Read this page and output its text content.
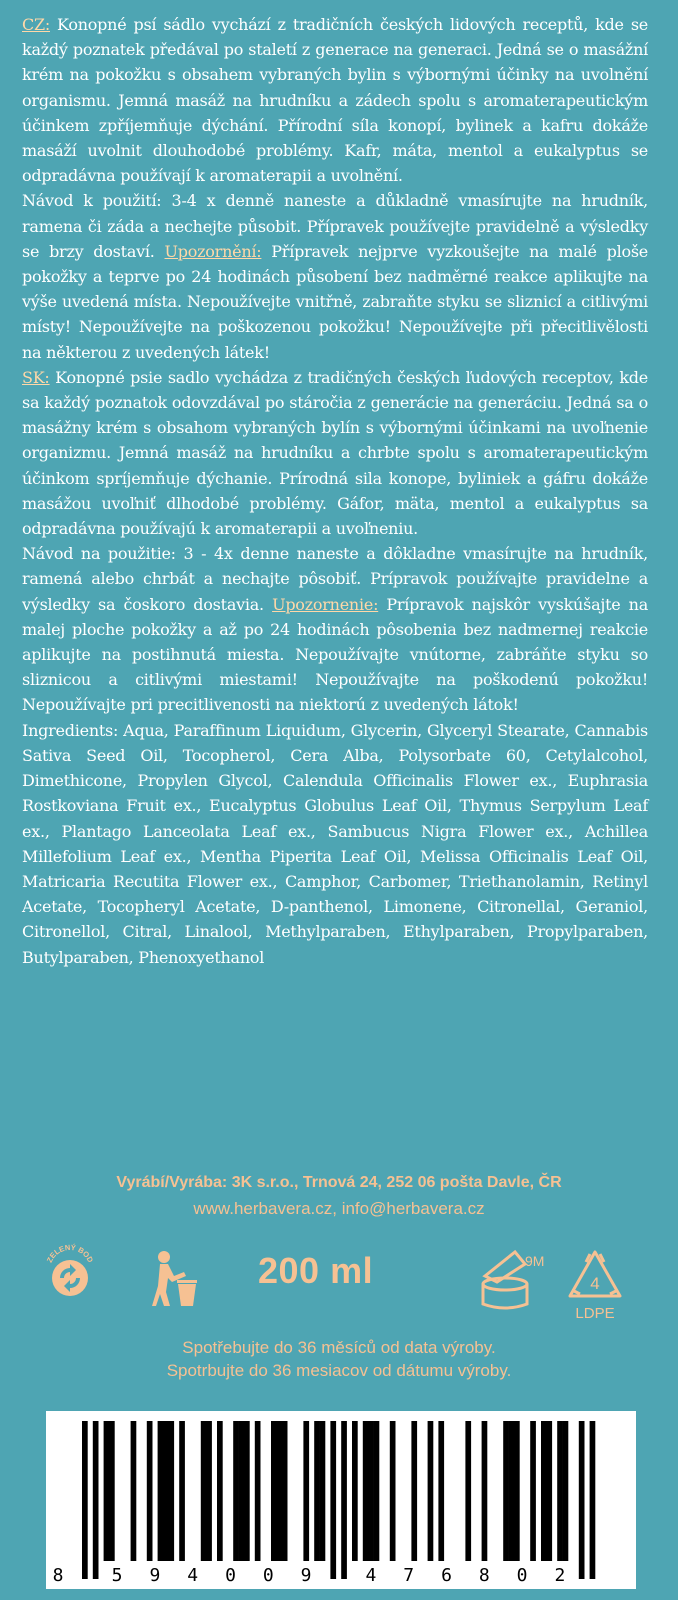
CZ: Konopné psí sádlo vychází z tradičních českých lidových receptů, kde se každý poznatek předával po staletí z generace na generaci. Jedná se o masážní krém na pokožku s obsahem vybraných bylin s výbornými účinky na uvolnění organismu. Jemná masáž na hrudníku a zádech spolu s aromaterapeutickým účinkem zpříjemňuje dýchání. Přírodní síla konopí, bylinek a kafru dokáže masáží uvolnit dlouhodobé problémy. Kafr, máta, mentol a eukalyptus se odpradávna používají k aromaterapii a uvolnění.

Návod k použití: 3-4 x denně naneste a důkladně vmasírujte na hrudník, ramena či záda a nechejte působit. Přípravek používejte pravidelně a výsledky se brzy dostaví. Upozornění: Přípravek nejprve vyzkoušejte na malé ploše pokožky a teprve po 24 hodinách působení bez nadměrné reakce aplikujte na výše uvedená místa. Nepoužívejte vnitřně, zabraňte styku se sliznicí a citlivými místy! Nepoužívejte na poškozenou pokožku! Nepoužívejte při přecitlivělosti na některou z uvedených látek!

SK: Konopné psie sadlo vychádza z tradičných českých ľudových receptov, kde sa každý poznatok odovzdával po stáročia z generácie na generáciu. Jedná sa o masážny krém s obsahom vybraných bylín s výbornými účinkami na uvoľnenie organizmu. Jemná masáž na hrudníku a chrbte spolu s aromaterapeutickým účinkom spríjemňuje dýchanie. Prírodná sila konope, byliniek a gáfru dokáže masážou uvoľniť dlhodobé problémy. Gáfor, mäta, mentol a eukalyptus sa odpradávna používajú k aromaterapii a uvoľneniu.

Návod na použitie: 3 - 4x denne naneste a dôkladne vmasírujte na hrudník, ramená alebo chrbát a nechajte pôsobiť. Prípravok používajte pravidelne a výsledky sa čoskoro dostavia. Upozornenie: Prípravok najskôr vyskúšajte na malej ploche pokožky a až po 24 hodinách pôsobenia bez nadmernej reakcie aplikujte na postihnutá miesta. Nepoužívajte vnútorne, zabráňte styku so sliznicou a citlivými miestami! Nepoužívajte na poškodenú pokožku! Nepoužívajte pri precitlivenosti na niektorú z uvedených látok!

Ingredients: Aqua, Paraffinum Liquidum, Glycerin, Glyceryl Stearate, Cannabis Sativa Seed Oil, Tocopherol, Cera Alba, Polysorbate 60, Cetylalcohol, Dimethicone, Propylen Glycol, Calendula Officinalis Flower ex., Euphrasia Rostkoviana Fruit ex., Eucalyptus Globulus Leaf Oil, Thymus Serpylum Leaf ex., Plantago Lanceolata Leaf ex., Sambucus Nigra Flower ex., Achillea Millefolium Leaf ex., Mentha Piperita Leaf Oil, Melissa Officinalis Leaf Oil, Matricaria Recutita Flower ex., Camphor, Carbomer, Triethanolamin, Retinyl Acetate, Tocopheryl Acetate, D-panthenol, Limonene, Citronellal, Geraniol, Citronellol, Citral, Linalool, Methylparaben, Ethylparaben, Propylparaben, Butylparaben, Phenoxyethanol

Vyrábí/Vyrába: 3K s.r.o., Trnová 24, 252 06 pošta Davle, ČR
www.herbavera.cz, info@herbavera.cz
ZELENÝ BOD	200 ml	9M
4
LDPE
Spotřebujte do 36 měsíců od data výroby.
Spotrbujte do 36 mesiacov od dátumu výroby.
8	5 9 4 0 0 9	4 7 6 8 0 2
